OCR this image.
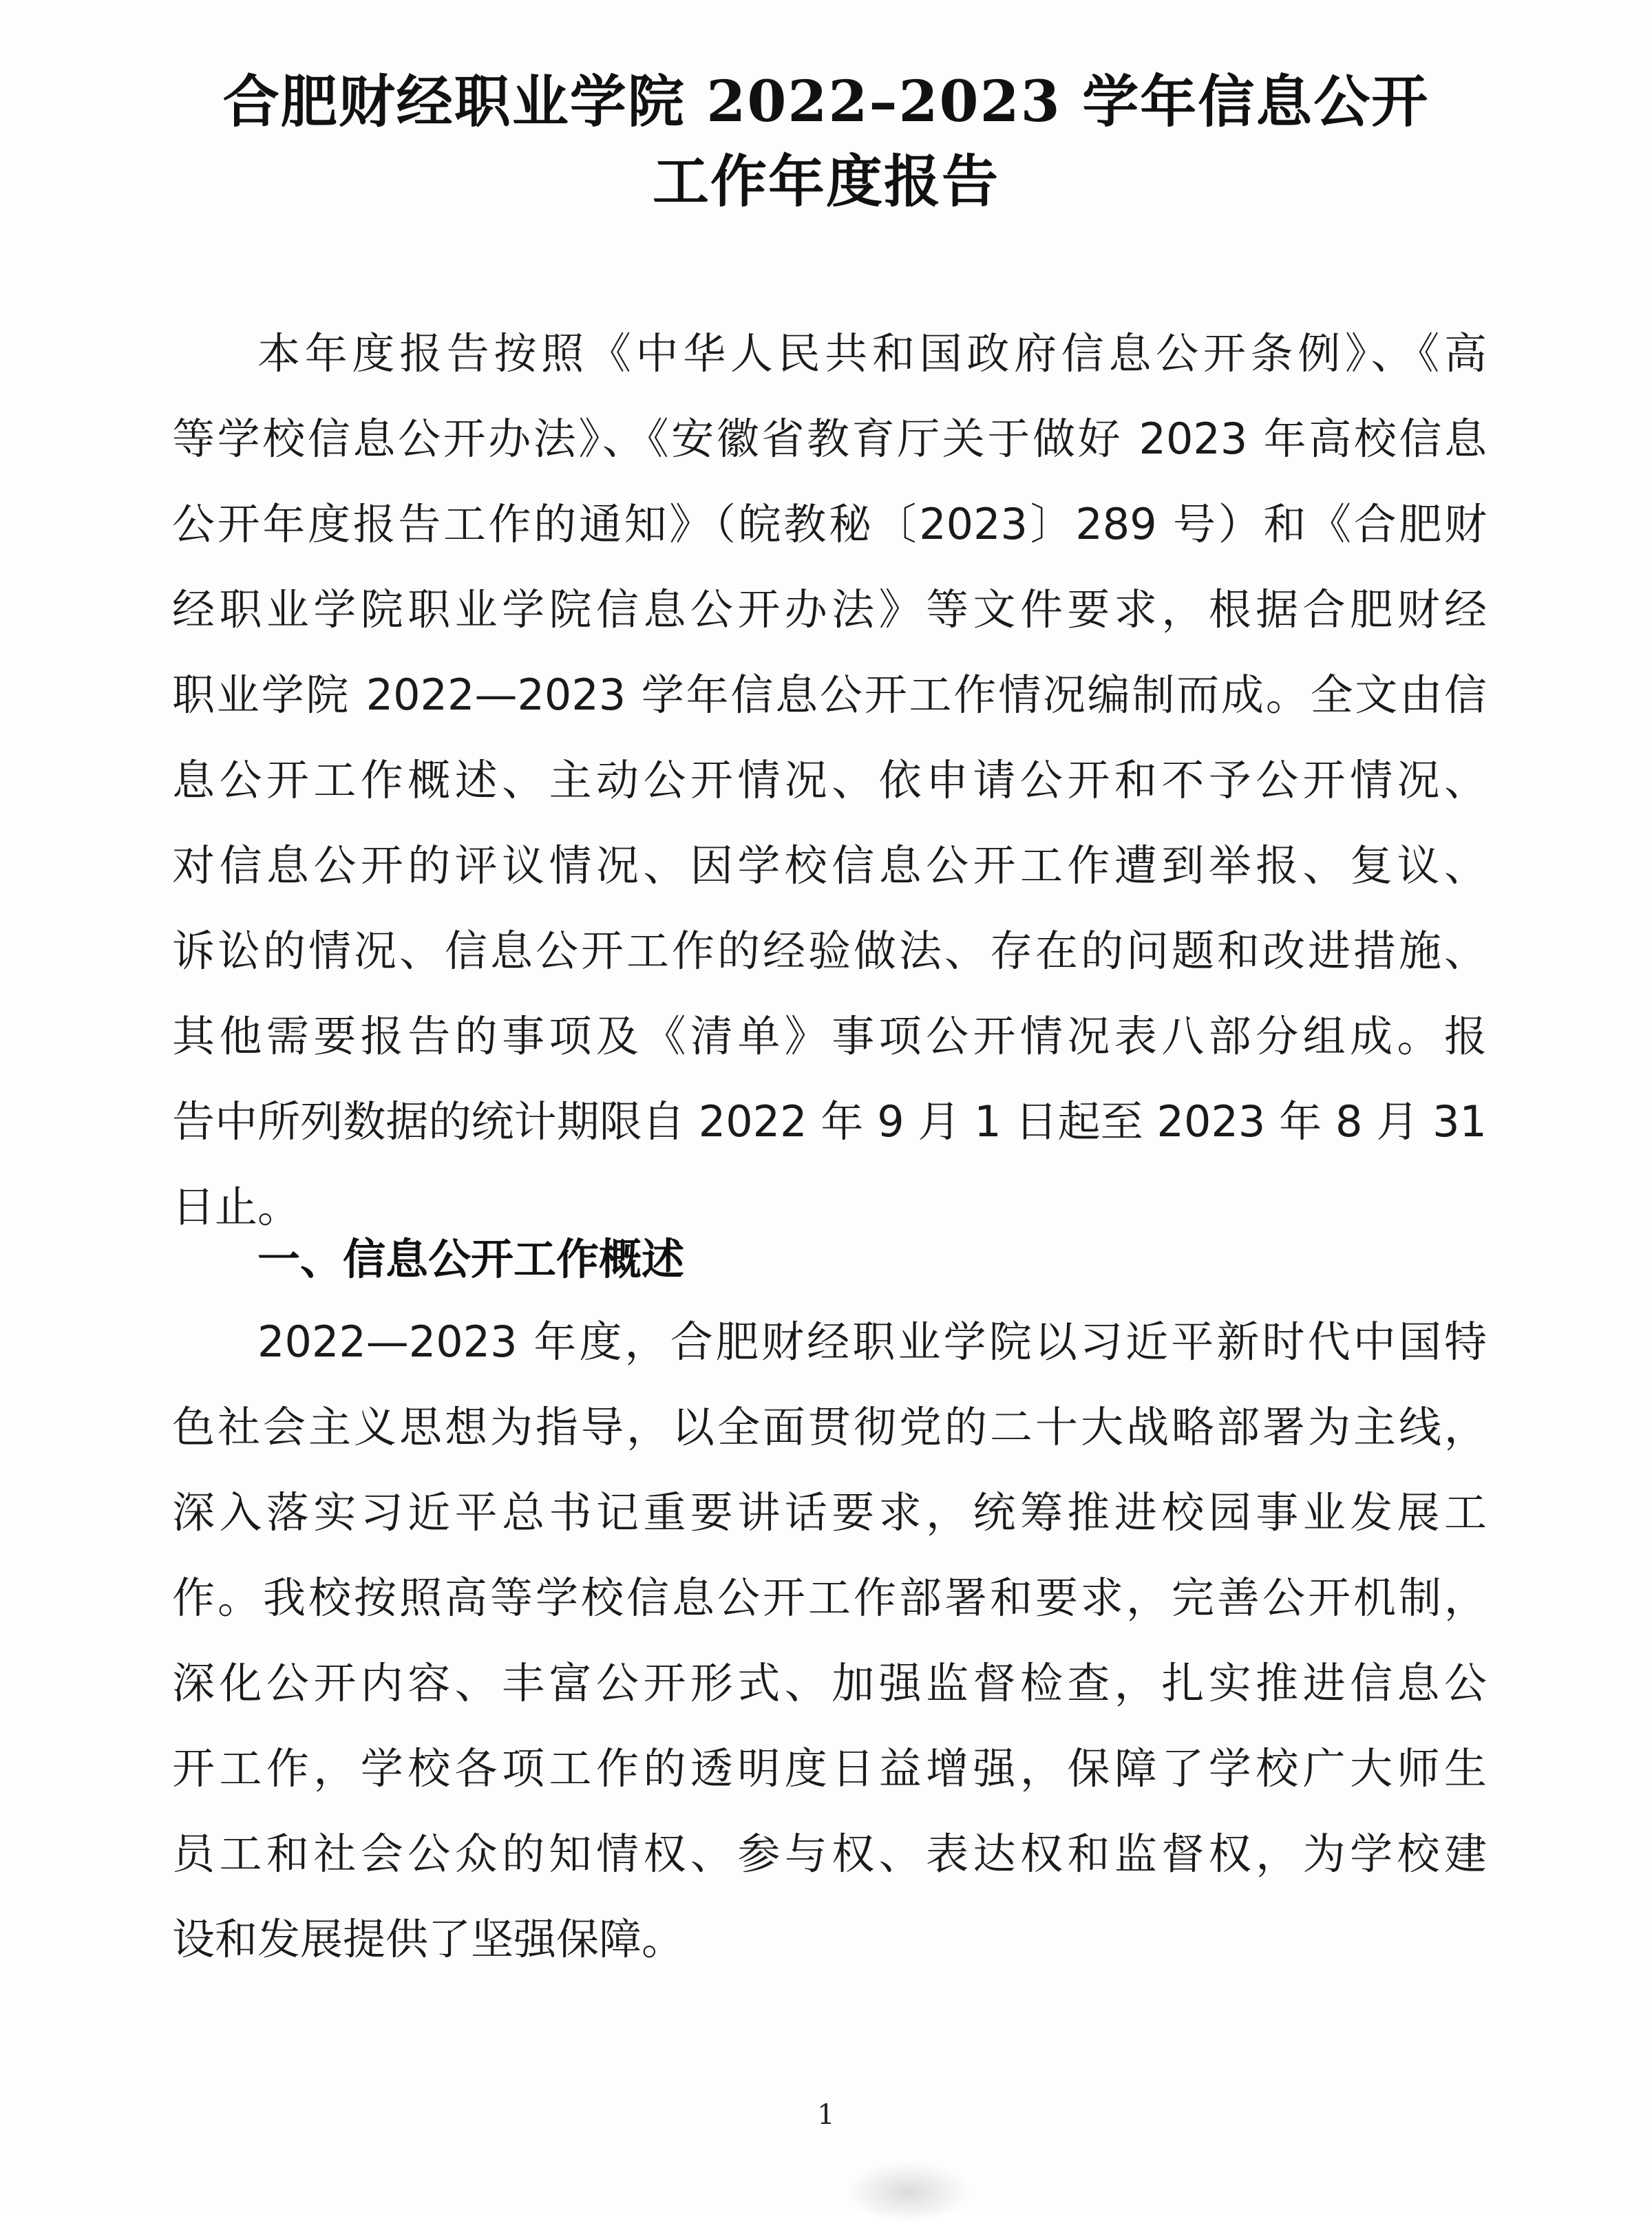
合肥财经职业学院 2022–2023 学年信息公开
工作年度报告
本年度报告按照《中华人民共和国政府信息公开条例》、《高
等学校信息公开办法》、《安徽省教育厅关于做好 2023 年高校信息
公开年度报告工作的通知》（皖教秘〔2023〕289 号）和《合肥财
经职业学院职业学院信息公开办法》等文件要求，根据合肥财经
职业学院 2022—2023 学年信息公开工作情况编制而成。全文由信
息公开工作概述、主动公开情况、依申请公开和不予公开情况、
对信息公开的评议情况、因学校信息公开工作遭到举报、复议、
诉讼的情况、信息公开工作的经验做法、存在的问题和改进措施、
其他需要报告的事项及《清单》事项公开情况表八部分组成。报
告中所列数据的统计期限自 2022 年 9 月 1 日起至 2023 年 8 月 31
日止。
一、信息公开工作概述
2022—2023 年度，合肥财经职业学院以习近平新时代中国特
色社会主义思想为指导，以全面贯彻党的二十大战略部署为主线，
深入落实习近平总书记重要讲话要求，统筹推进校园事业发展工
作。我校按照高等学校信息公开工作部署和要求，完善公开机制，
深化公开内容、丰富公开形式、加强监督检查，扎实推进信息公
开工作，学校各项工作的透明度日益增强，保障了学校广大师生
员工和社会公众的知情权、参与权、表达权和监督权，为学校建
设和发展提供了坚强保障。
1
